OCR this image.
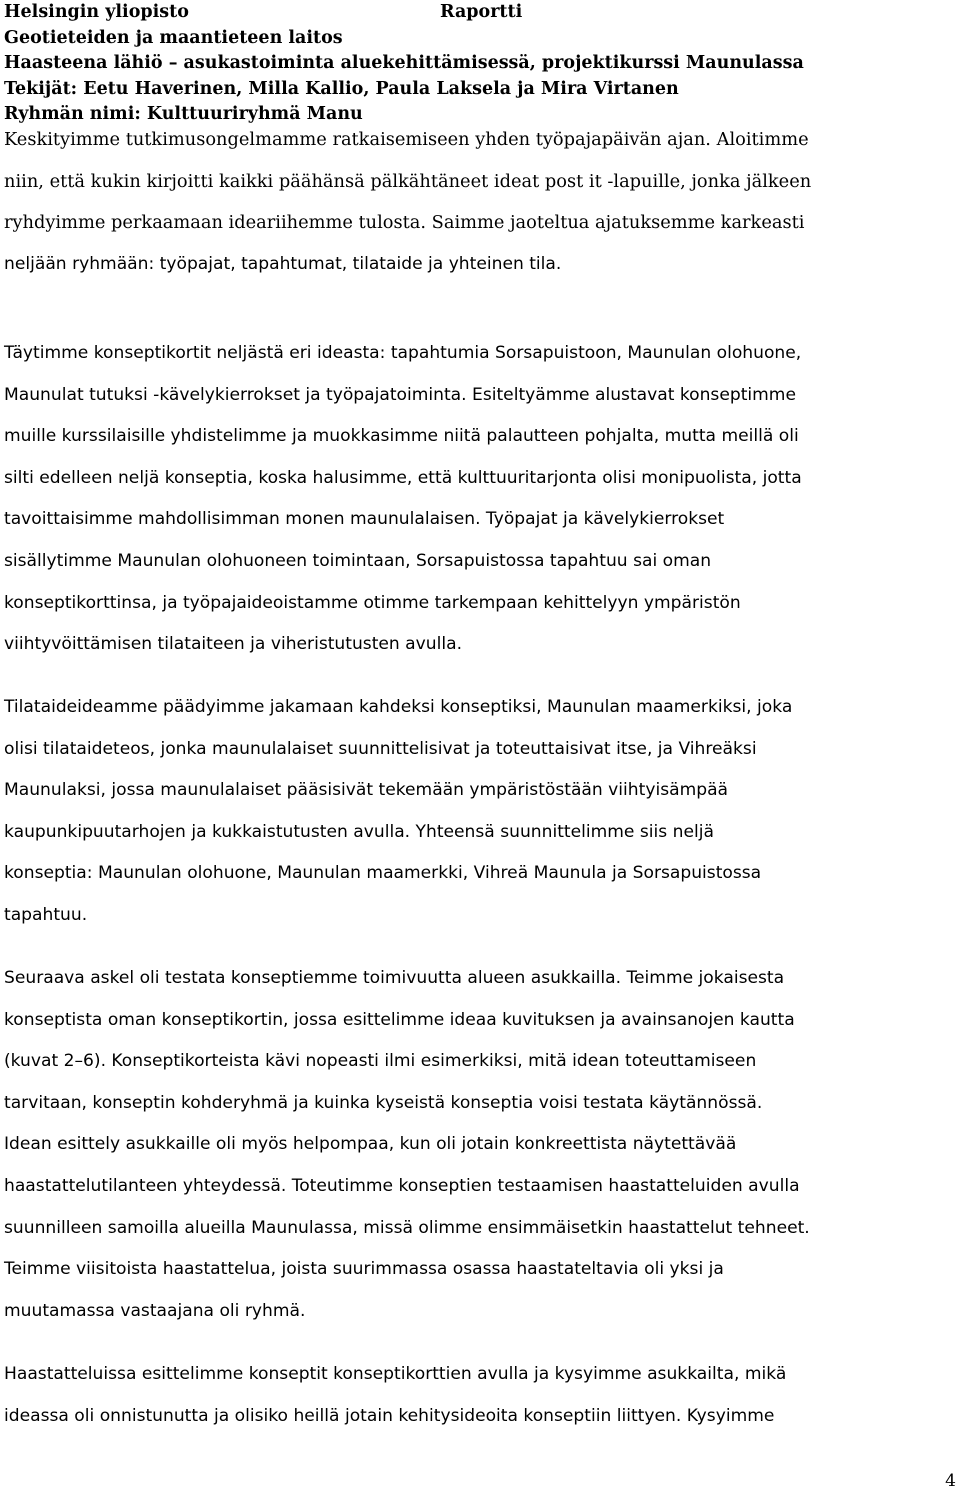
Helsingin yliopisto	Raportti
Geotieteiden ja maantieteen laitos
Haasteena lähiö – asukastoiminta aluekehittämisessä, projektikurssi Maunulassa
Tekijät: Eetu Haverinen, Milla Kallio, Paula Laksela ja Mira Virtanen
Ryhmän nimi: Kulttuuriryhmä Manu
Keskityimme tutkimusongelmamme ratkaisemiseen yhden työpajapäivän ajan. Aloitimme
niin, että kukin kirjoitti kaikki päähänsä pälkähtäneet ideat post it -lapuille, jonka jälkeen
ryhdyimme perkaamaan ideariihemme tulosta. Saimme jaoteltua ajatuksemme karkeasti
neljään ryhmään: työpajat, tapahtumat, tilataide ja yhteinen tila.
Täytimme konseptikortit neljästä eri ideasta: tapahtumia Sorsapuistoon, Maunulan olohuone,
Maunulat tutuksi -kävelykierrokset ja työpajatoiminta. Esiteltyämme alustavat konseptimme
muille kurssilaisille yhdistelimme ja muokkasimme niitä palautteen pohjalta, mutta meillä oli
silti edelleen neljä konseptia, koska halusimme, että kulttuuritarjonta olisi monipuolista, jotta
tavoittaisimme mahdollisimman monen maunulalaisen. Työpajat ja kävelykierrokset
sisällytimme Maunulan olohuoneen toimintaan, Sorsapuistossa tapahtuu sai oman
konseptikorttinsa, ja työpajaideoistamme otimme tarkempaan kehittelyyn ympäristön
viihtyvöittämisen tilataiteen ja viheristutusten avulla.
Tilataideideamme päädyimme jakamaan kahdeksi konseptiksi, Maunulan maamerkiksi, joka
olisi tilataideteos, jonka maunulalaiset suunnittelisivat ja toteuttaisivat itse, ja Vihreäksi
Maunulaksi, jossa maunulalaiset pääsisivät tekemään ympäristöstään viihtyisämpää
kaupunkipuutarhojen ja kukkaistutusten avulla. Yhteensä suunnittelimme siis neljä
konseptia: Maunulan olohuone, Maunulan maamerkki, Vihreä Maunula ja Sorsapuistossa
tapahtuu.
Seuraava askel oli testata konseptiemme toimivuutta alueen asukkailla. Teimme jokaisesta
konseptista oman konseptikortin, jossa esittelimme ideaa kuvituksen ja avainsanojen kautta
(kuvat 2–6). Konseptikorteista kävi nopeasti ilmi esimerkiksi, mitä idean toteuttamiseen
tarvitaan, konseptin kohderyhmä ja kuinka kyseistä konseptia voisi testata käytännössä.
Idean esittely asukkaille oli myös helpompaa, kun oli jotain konkreettista näytettävää
haastattelutilanteen yhteydessä. Toteutimme konseptien testaamisen haastatteluiden avulla
suunnilleen samoilla alueilla Maunulassa, missä olimme ensimmäisetkin haastattelut tehneet.
Teimme viisitoista haastattelua, joista suurimmassa osassa haastateltavia oli yksi ja
muutamassa vastaajana oli ryhmä.
Haastatteluissa esittelimme konseptit konseptikorttien avulla ja kysyimme asukkailta, mikä
ideassa oli onnistunutta ja olisiko heillä jotain kehitysideoita konseptiin liittyen. Kysyimme
4
